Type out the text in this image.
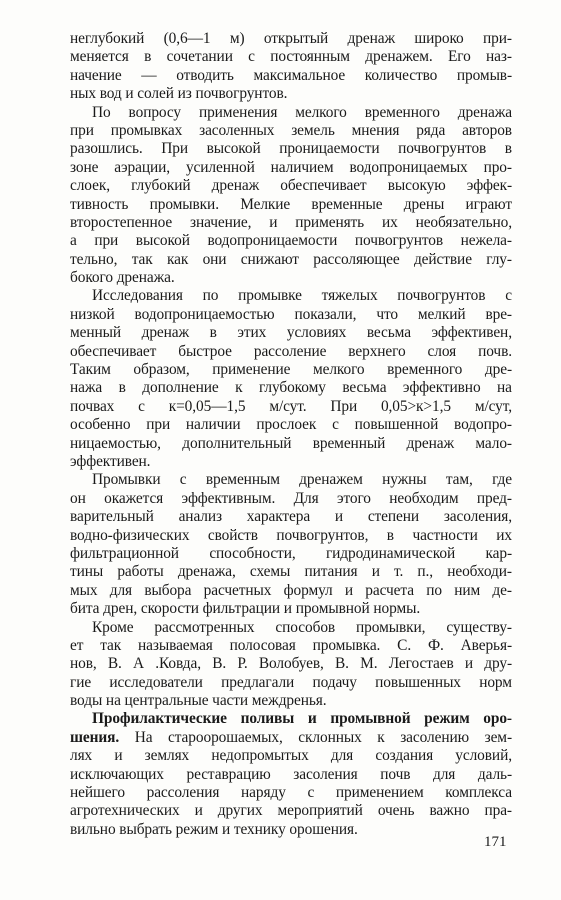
неглубокий (0,6—1 м) открытый дренаж широко при-
меняется в сочетании с постоянным дренажем. Его наз-
начение — отводить максимальное количество промыв-
ных вод и солей из почвогрунтов.
По вопросу применения мелкого временного дренажа
при промывках засоленных земель мнения ряда авторов
разошлись. При высокой проницаемости почвогрунтов в
зоне аэрации, усиленной наличием водопроницаемых про-
слоек, глубокий дренаж обеспечивает высокую эффек-
тивность промывки. Мелкие временные дрены играют
второстепенное значение, и применять их необязательно,
а при высокой водопроницаемости почвогрунтов нежела-
тельно, так как они снижают рассоляющее действие глу-
бокого дренажа.
Исследования по промывке тяжелых почвогрунтов с
низкой водопроницаемостью показали, что мелкий вре-
менный дренаж в этих условиях весьма эффективен,
обеспечивает быстрое рассоление верхнего слоя почв.
Таким образом, применение мелкого временного дре-
нажа в дополнение к глубокому весьма эффективно на
почвах с к=0,05—1,5 м/сут. При 0,05>к>1,5 м/сут,
особенно при наличии прослоек с повышенной водопро-
ницаемостью, дополнительный временный дренаж мало-
эффективен.
Промывки с временным дренажем нужны там, где
он окажется эффективным. Для этого необходим пред-
варительный анализ характера и степени засоления,
водно-физических свойств почвогрунтов, в частности их
фильтрационной способности, гидродинамической кар-
тины работы дренажа, схемы питания и т. п., необходи-
мых для выбора расчетных формул и расчета по ним де-
бита дрен, скорости фильтрации и промывной нормы.
Кроме рассмотренных способов промывки, существу-
ет так называемая полосовая промывка. С. Ф. Аверья-
нов, В. А .Ковда, В. Р. Волобуев, В. М. Легостаев и дру-
гие исследователи предлагали подачу повышенных норм
воды на центральные части междренья.
Профилактические поливы и промывной режим оро-
шения. На староорошаемых, склонных к засолению зем-
лях и землях недопромытых для создания условий,
исключающих реставрацию засоления почв для даль-
нейшего рассоления наряду с применением комплекса
агротехнических и других мероприятий очень важно пра-
вильно выбрать режим и технику орошения.
171
